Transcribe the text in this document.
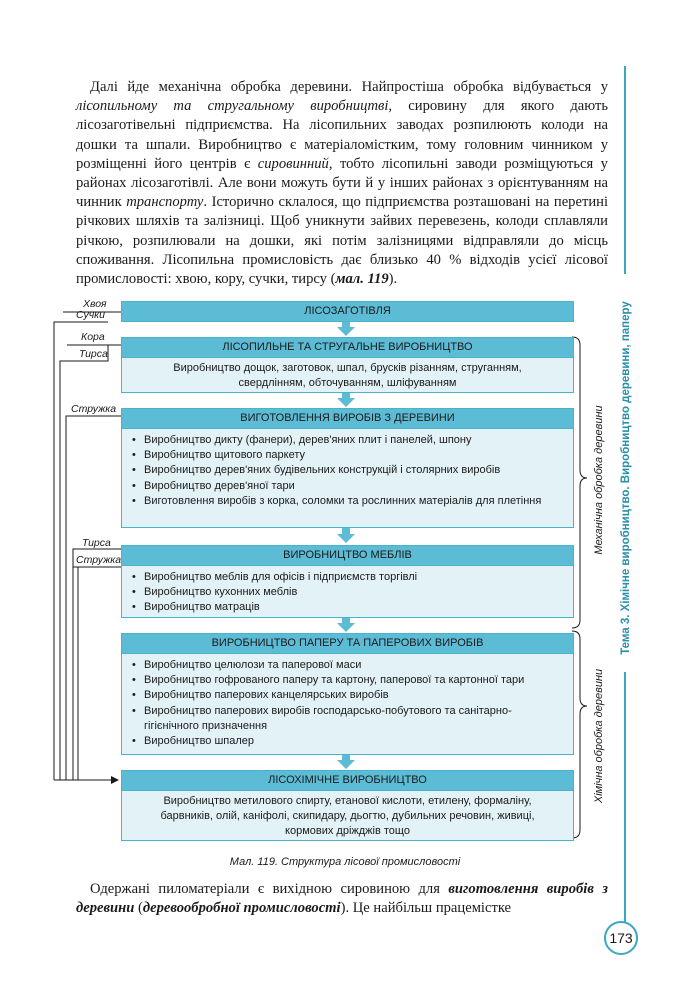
Далі йде механічна обробка деревини. Найпростіша обробка відбувається у лісопильному та стругальному виробництві, сировину для якого дають лісозаготівельні підприємства. На лісопильних заводах розпилюють колоди на дошки та шпали. Виробництво є матеріаломістким, тому головним чинником у розміщенні його центрів є сировинний, тобто лісопильні заводи розміщуються у районах лісозаготівлі. Але вони можуть бути й у інших районах з орієнтуванням на чинник транспорту. Історично склалося, що підприємства розташовані на перетині річкових шляхів та залізниці. Щоб уникнути зайвих перевезень, колоди сплавляли річкою, розпилювали на дошки, які потім залізницями відправляли до місць споживання. Лісопильна промисловість дає близько 40 % відходів усієї лісової промисловості: хвою, кору, сучки, тирсу (мал. 119).

Тема 3. Хімічне виробництво. Виробництво деревини, паперу
Хвоя
Сучки
Кора
Тирса
Стружка
Тирса
Стружка
ЛІСОЗАГОТІВЛЯ
ЛІСОПИЛЬНЕ ТА СТРУГАЛЬНЕ ВИРОБНИЦТВО
Виробництво дощок, заготовок, шпал, брусків різанням, струганням, свердлінням, обточуванням, шліфуванням
ВИГОТОВЛЕННЯ ВИРОБІВ З ДЕРЕВИНИ
• Виробництво дикту (фанери), дерев'яних плит і панелей, шпону
• Виробництво щитового паркету
• Виробництво дерев'яних будівельних конструкцій і столярних виробів
• Виробництво дерев'яної тари
• Виготовлення виробів з корка, соломки та рослинних матеріалів для плетіння
ВИРОБНИЦТВО МЕБЛІВ
• Виробництво меблів для офісів і підприємств торгівлі
• Виробництво кухонних меблів
• Виробництво матраців
ВИРОБНИЦТВО ПАПЕРУ ТА ПАПЕРОВИХ ВИРОБІВ
• Виробництво целюлози та паперової маси
• Виробництво гофрованого паперу та картону, паперової та картонної тари
• Виробництво паперових канцелярських виробів
• Виробництво паперових виробів господарсько-побутового та санітарно-гігієнічного призначення
• Виробництво шпалер
ЛІСОХІМІЧНЕ ВИРОБНИЦТВО
Виробництво метилового спирту, етанової кислоти, етилену, формаліну, барвників, олій, каніфолі, скипидару, дьогтю, дубильних речовин, живиці, кормових дріжджів тощо
Механічна обробка деревини
Хімічна обробка деревини
Мал. 119. Структура лісової промисловості

Одержані пиломатеріали є вихідною сировиною для виготовлення виробів з деревини (деревообробної промисловості). Це найбільш працемістке

173
